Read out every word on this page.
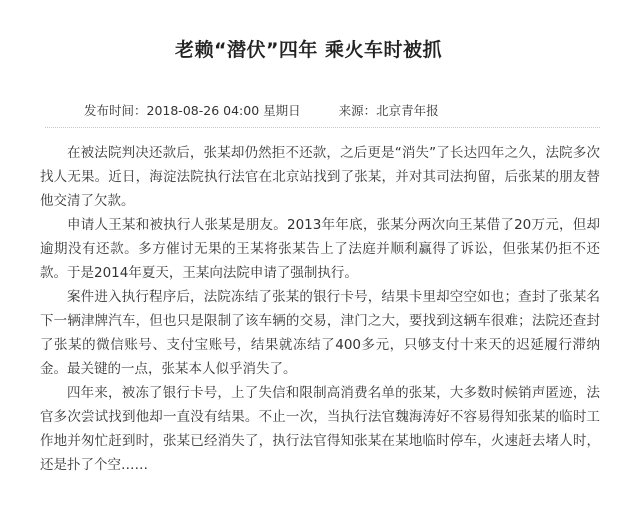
老赖“潜伏”四年 乘火车时被抓
发布时间：2018-08-26 04:00 星期日	来源：北京青年报

在被法院判决还款后，张某却仍然拒不还款，之后更是“消失”了长达四年之久，法院多次找人无果。近日，海淀法院执行法官在北京站找到了张某，并对其司法拘留，后张某的朋友替他交清了欠款。

申请人王某和被执行人张某是朋友。2013年年底，张某分两次向王某借了20万元，但却逾期没有还款。多方催讨无果的王某将张某告上了法庭并顺利赢得了诉讼，但张某仍拒不还款。于是2014年夏天，王某向法院申请了强制执行。

案件进入执行程序后，法院冻结了张某的银行卡号，结果卡里却空空如也；查封了张某名下一辆津牌汽车，但也只是限制了该车辆的交易，津门之大，要找到这辆车很难；法院还查封了张某的微信账号、支付宝账号，结果就冻结了400多元，只够支付十来天的迟延履行滞纳金。最关键的一点，张某本人似乎消失了。

四年来，被冻了银行卡号，上了失信和限制高消费名单的张某，大多数时候销声匿迹，法官多次尝试找到他却一直没有结果。不止一次，当执行法官魏海涛好不容易得知张某的临时工作地并匆忙赶到时，张某已经消失了，执行法官得知张某在某地临时停车，火速赶去堵人时，还是扑了个空……
